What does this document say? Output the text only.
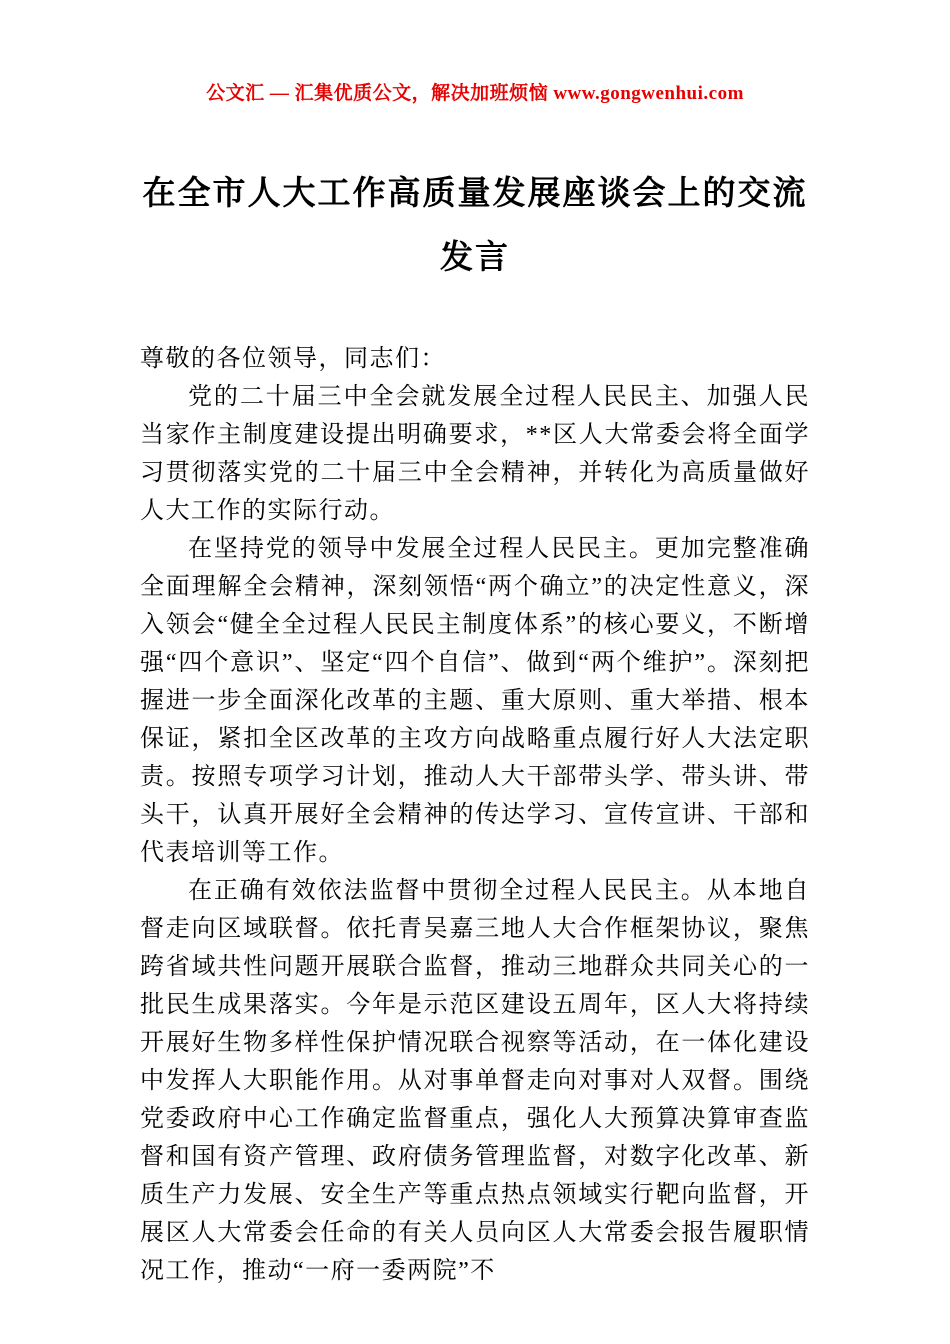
公文汇 — 汇集优质公文，解决加班烦恼 www.gongwenhui.com
在全市人大工作高质量发展座谈会上的交流发言

尊敬的各位领导，同志们：

党的二十届三中全会就发展全过程人民民主、加强人民当家作主制度建设提出明确要求，**区人大常委会将全面学习贯彻落实党的二十届三中全会精神，并转化为高质量做好人大工作的实际行动。

在坚持党的领导中发展全过程人民民主。更加完整准确全面理解全会精神，深刻领悟“两个确立”的决定性意义，深入领会“健全全过程人民民主制度体系”的核心要义，不断增强“四个意识”、坚定“四个自信”、做到“两个维护”。深刻把握进一步全面深化改革的主题、重大原则、重大举措、根本保证，紧扣全区改革的主攻方向战略重点履行好人大法定职责。按照专项学习计划，推动人大干部带头学、带头讲、带头干，认真开展好全会精神的传达学习、宣传宣讲、干部和代表培训等工作。

在正确有效依法监督中贯彻全过程人民民主。从本地自督走向区域联督。依托青吴嘉三地人大合作框架协议，聚焦跨省域共性问题开展联合监督，推动三地群众共同关心的一批民生成果落实。今年是示范区建设五周年，区人大将持续开展好生物多样性保护情况联合视察等活动，在一体化建设中发挥人大职能作用。从对事单督走向对事对人双督。围绕党委政府中心工作确定监督重点，强化人大预算决算审查监督和国有资产管理、政府债务管理监督，对数字化改革、新质生产力发展、安全生产等重点热点领域实行靶向监督，开展区人大常委会任命的有关人员向区人大常委会报告履职情况工作，推动“一府一委两院”不
